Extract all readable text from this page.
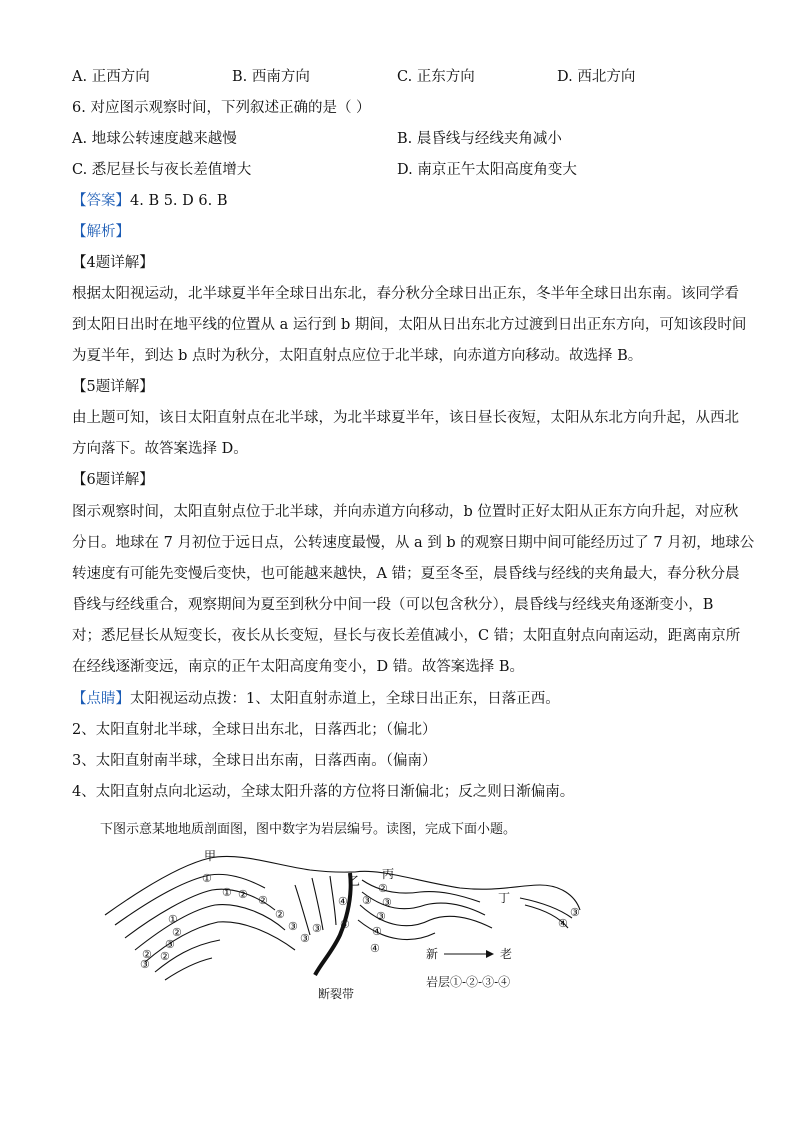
A. 正西方向	B. 西南方向	C. 正东方向	D. 西北方向
6. 对应图示观察时间，下列叙述正确的是（ ）
A. 地球公转速度越来越慢	B. 晨昏线与经线夹角减小
C. 悉尼昼长与夜长差值增大	D. 南京正午太阳高度角变大
【答案】4. B 5. D 6. B
【解析】
【4题详解】
根据太阳视运动，北半球夏半年全球日出东北，春分秋分全球日出正东，冬半年全球日出东南。该同学看
到太阳日出时在地平线的位置从 a 运行到 b 期间，太阳从日出东北方过渡到日出正东方向，可知该段时间
为夏半年，到达 b 点时为秋分，太阳直射点应位于北半球，向赤道方向移动。故选择 B。
【5题详解】
由上题可知，该日太阳直射点在北半球，为北半球夏半年，该日昼长夜短，太阳从东北方向升起，从西北
方向落下。故答案选择 D。
【6题详解】
图示观察时间，太阳直射点位于北半球，并向赤道方向移动，b 位置时正好太阳从正东方向升起，对应秋
分日。地球在 7 月初位于远日点，公转速度最慢，从 a 到 b 的观察日期中间可能经历过了 7 月初，地球公
转速度有可能先变慢后变快，也可能越来越快，A 错；夏至冬至，晨昏线与经线的夹角最大，春分秋分晨
昏线与经线重合，观察期间为夏至到秋分中间一段（可以包含秋分），晨昏线与经线夹角逐渐变小，B
对；悉尼昼长从短变长，夜长从长变短，昼长与夜长差值减小，C 错；太阳直射点向南运动，距离南京所
在经线逐渐变远，南京的正午太阳高度角变小，D 错。故答案选择 B。
【点睛】太阳视运动点拨：1、太阳直射赤道上，全球日出正东，日落正西。
2、太阳直射北半球，全球日出东北，日落西北；（偏北）
3、太阳直射南半球，全球日出东南，日落西南。（偏南）
4、太阳直射点向北运动，全球太阳升落的方位将日渐偏北；反之则日渐偏南。
下图示意某地地质剖面图，图中数字为岩层编号。读图，完成下面小题。
①
① ② ②
①
②
③
② ②
③
②
③
③
③
④
④
②
③ ③
③
④
④
③
④
甲
乙 丙
丁
断裂带
新	老
岩层①-②-③-④
